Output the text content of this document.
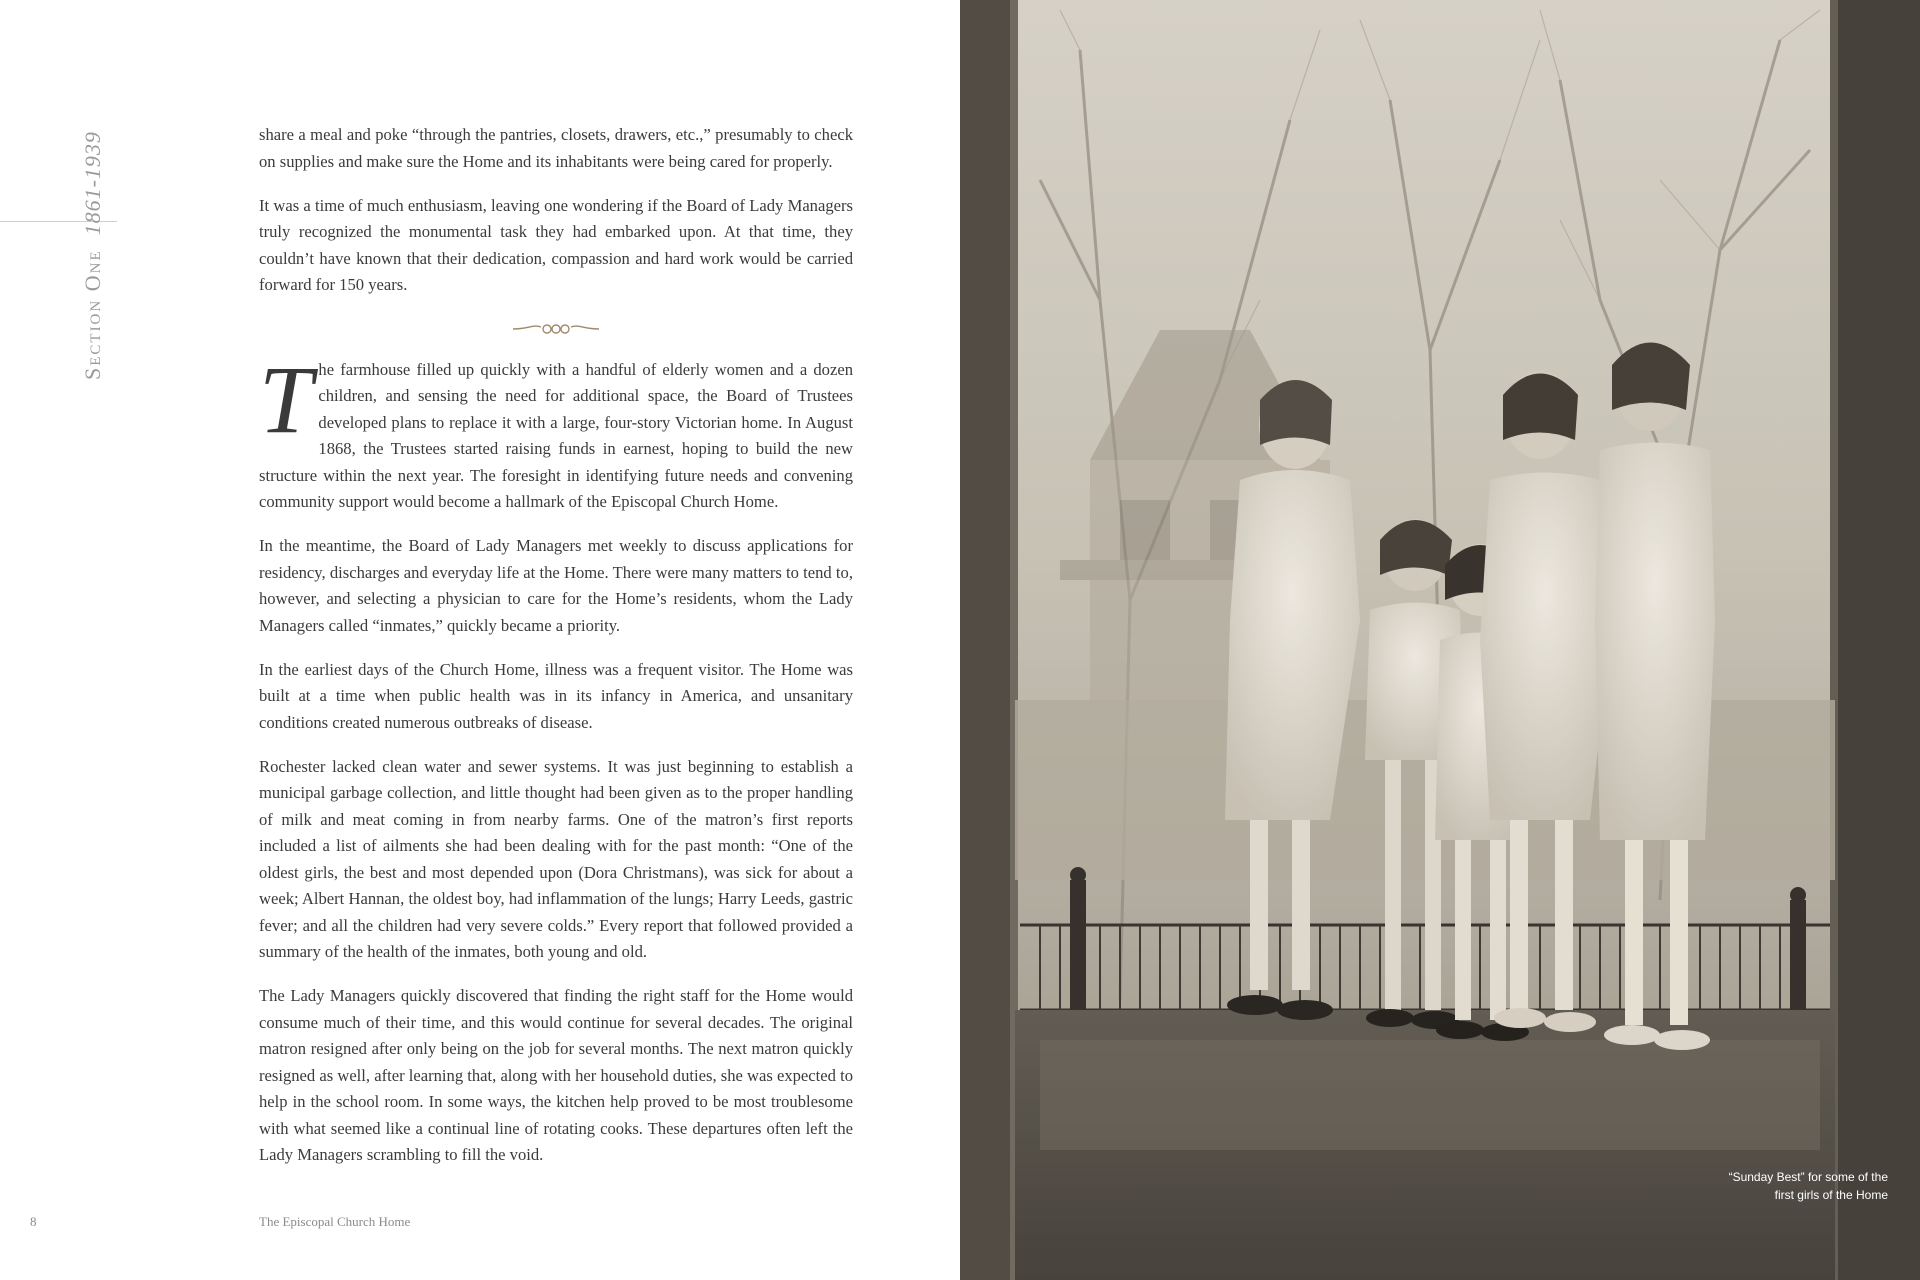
Section One1861-1939	share a meal and poke “through the pantries, closets, drawers, etc.,” presumably to check on supplies and make sure the Home and its inhabitants were being cared for properly.

It was a time of much enthusiasm, leaving one wondering if the Board of Lady Managers truly recognized the monumental task they had embarked upon. At that time, they couldn’t have known that their dedication, compassion and hard work would be carried forward for 150 years.

The farmhouse filled up quickly with a handful of elderly women and a dozen children, and sensing the need for additional space, the Board of Trustees developed plans to replace it with a large, four-story Victorian home. In August 1868, the Trustees started raising funds in earnest, hoping to build the new structure within the next year. The foresight in identifying future needs and convening community support would become a hallmark of the Episcopal Church Home.

In the meantime, the Board of Lady Managers met weekly to discuss applications for residency, discharges and everyday life at the Home. There were many matters to tend to, however, and selecting a physician to care for the Home’s residents, whom the Lady Managers called “inmates,” quickly became a priority.

In the earliest days of the Church Home, illness was a frequent visitor. The Home was built at a time when public health was in its infancy in America, and unsanitary conditions created numerous outbreaks of disease.

Rochester lacked clean water and sewer systems. It was just beginning to establish a municipal garbage collection, and little thought had been given as to the proper handling of milk and meat coming in from nearby farms. One of the matron’s first reports included a list of ailments she had been dealing with for the past month: “One of the oldest girls, the best and most depended upon (Dora Christmans), was sick for about a week; Albert Hannan, the oldest boy, had inflammation of the lungs; Harry Leeds, gastric fever; and all the children had very severe colds.” Every report that followed provided a summary of the health of the inmates, both young and old.

The Lady Managers quickly discovered that finding the right staff for the Home would consume much of their time, and this would continue for several decades. The original matron resigned after only being on the job for several months. The next matron quickly resigned as well, after learning that, along with her household duties, she was expected to help in the school room. In some ways, the kitchen help proved to be most troublesome with what seemed like a continual line of rotating cooks. These departures often left the Lady Managers scrambling to fill the void.

8	The Episcopal Church Home
“Sunday Best” for some of the
first girls of the Home
